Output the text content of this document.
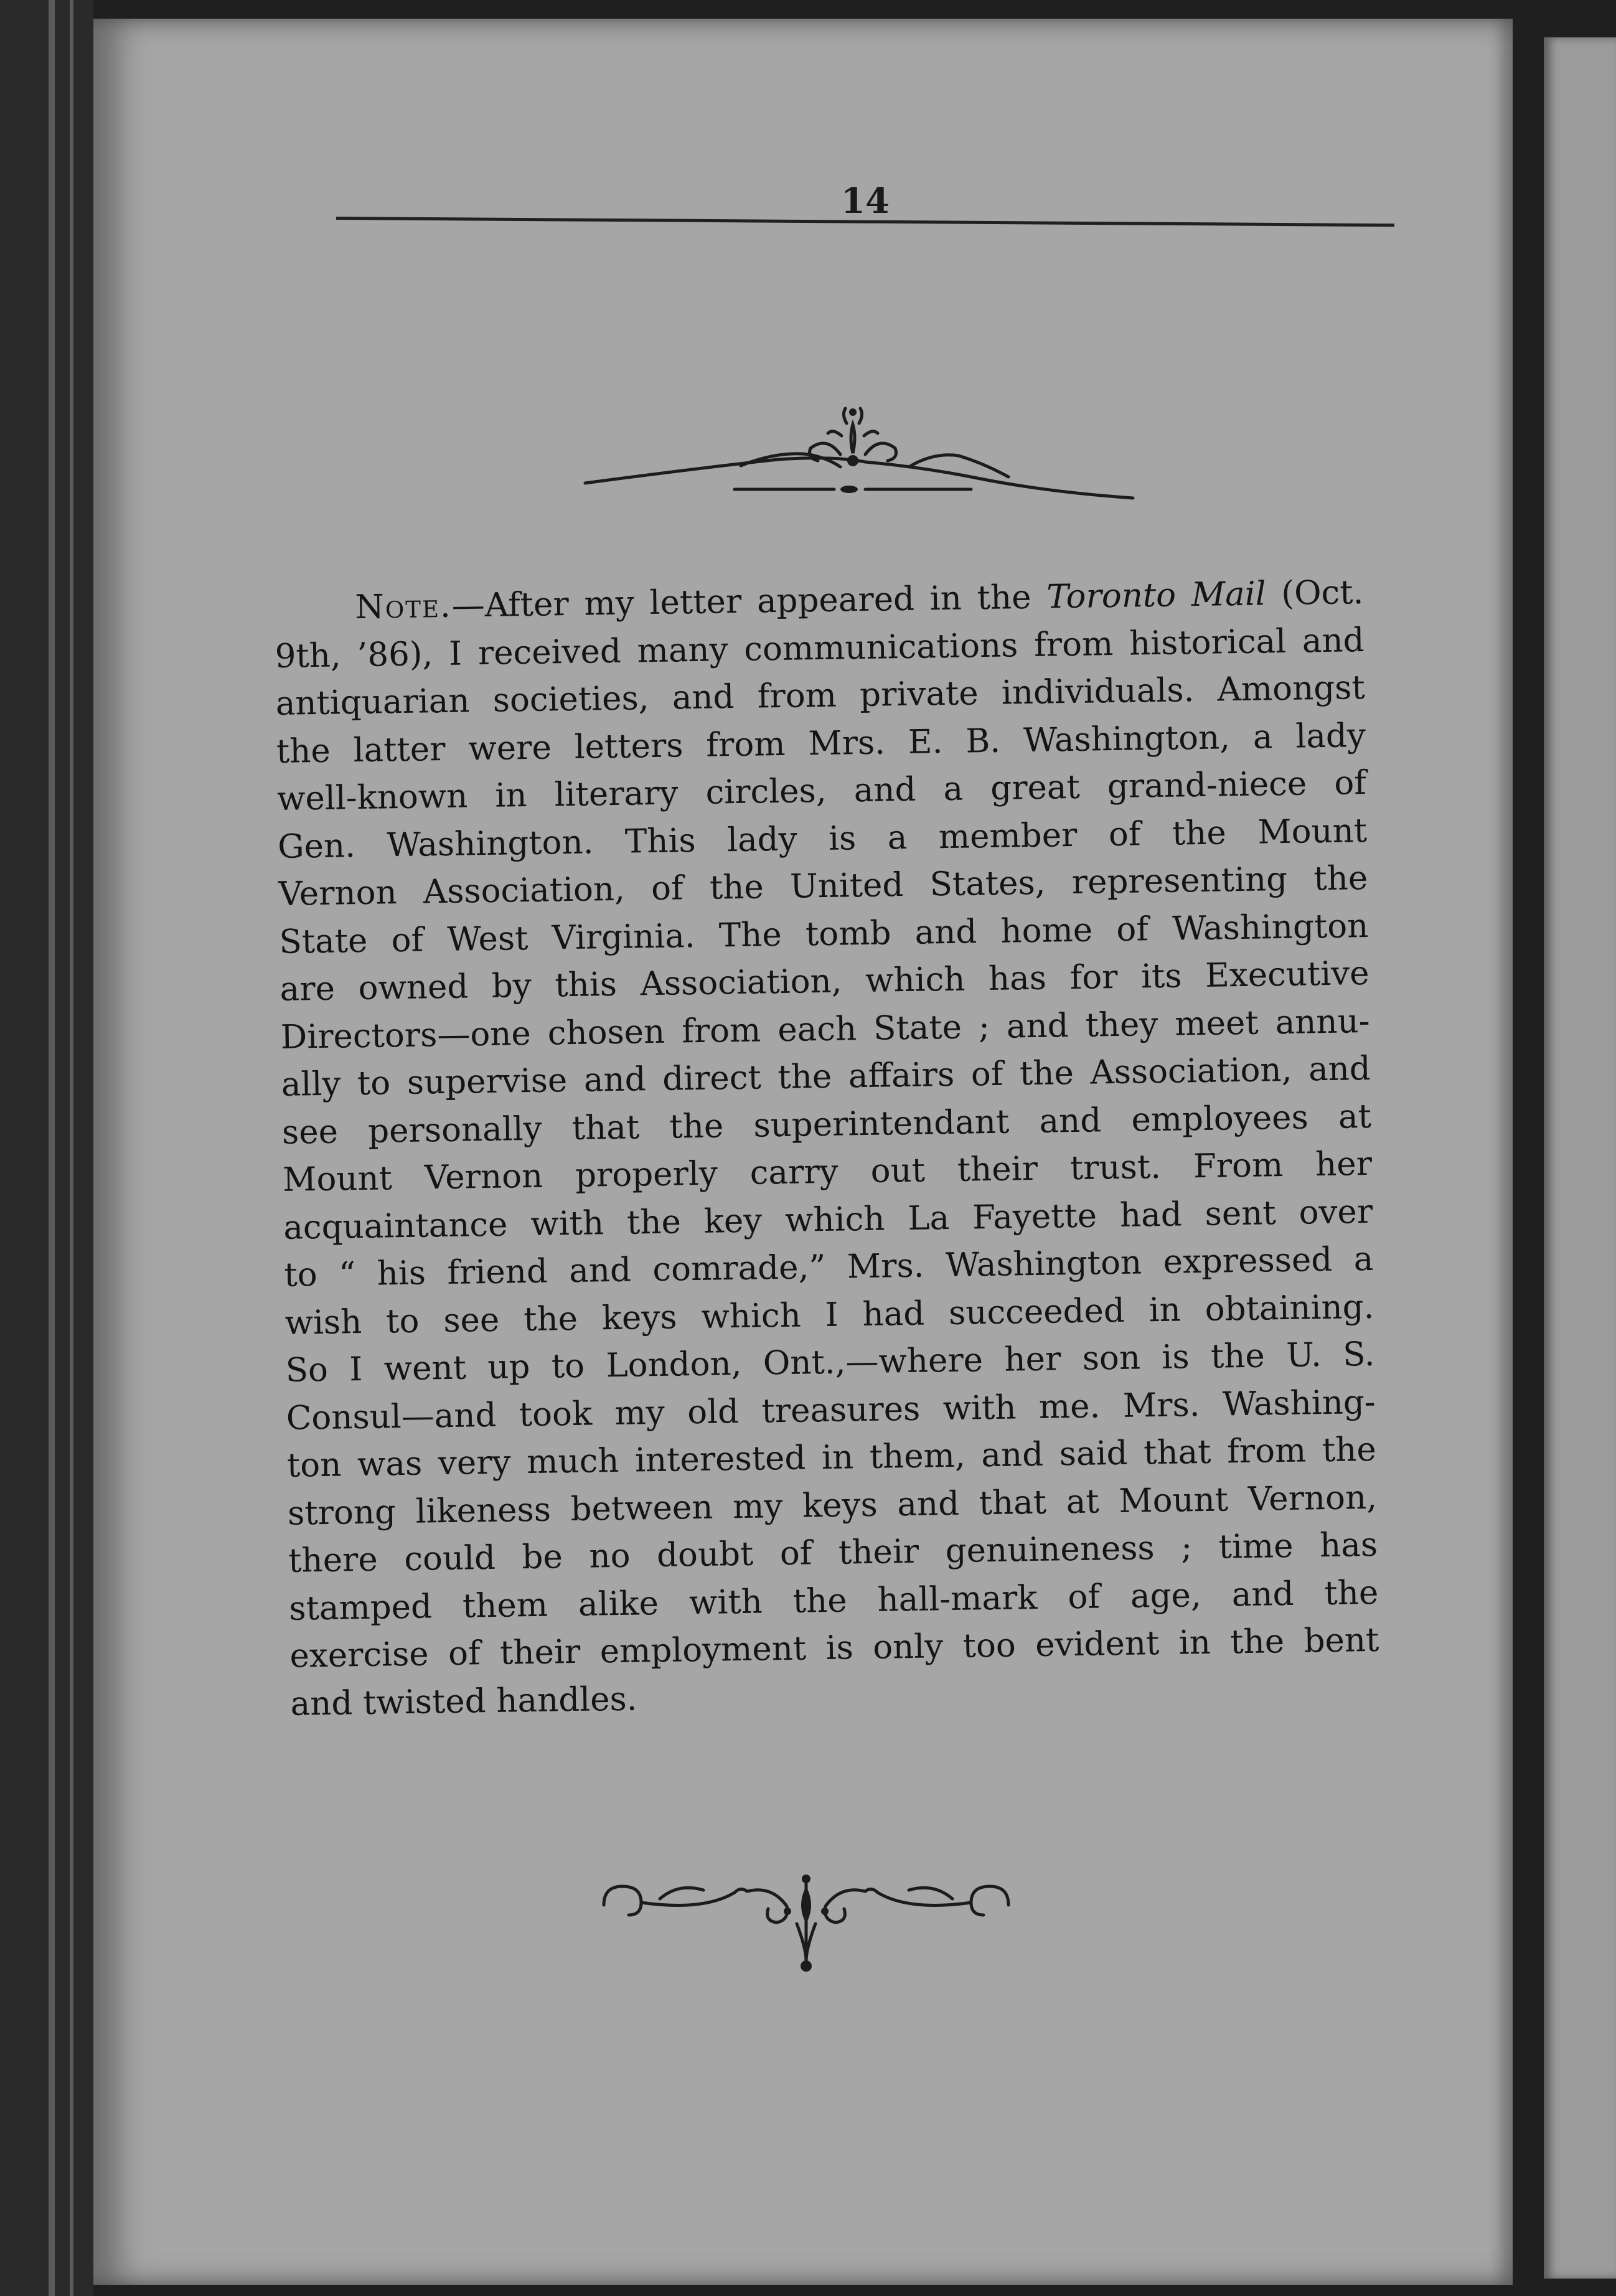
14

Note.—After my letter appeared in the Toronto Mail (Oct.
9th, ’86), I received many communications from historical and
antiquarian societies, and from private individuals. Amongst
the latter were letters from Mrs. E. B. Washington, a lady
well-known in literary circles, and a great grand-niece of
Gen. Washington. This lady is a member of the Mount
Vernon Association, of the United States, representing the
State of West Virginia. The tomb and home of Washington
are owned by this Association, which has for its Executive
Directors—one chosen from each State ; and they meet annu-
ally to supervise and direct the affairs of the Association, and
see personally that the superintendant and employees at
Mount Vernon properly carry out their trust. From her
acquaintance with the key which La Fayette had sent over
to “ his friend and comrade,” Mrs. Washington expressed a
wish to see the keys which I had succeeded in obtaining.
So I went up to London, Ont.,—where her son is the U. S.
Consul—and took my old treasures with me. Mrs. Washing-
ton was very much interested in them, and said that from the
strong likeness between my keys and that at Mount Vernon,
there could be no doubt of their genuineness ; time has
stamped them alike with the hall-mark of age, and the
exercise of their employment is only too evident in the bent
and twisted handles.
